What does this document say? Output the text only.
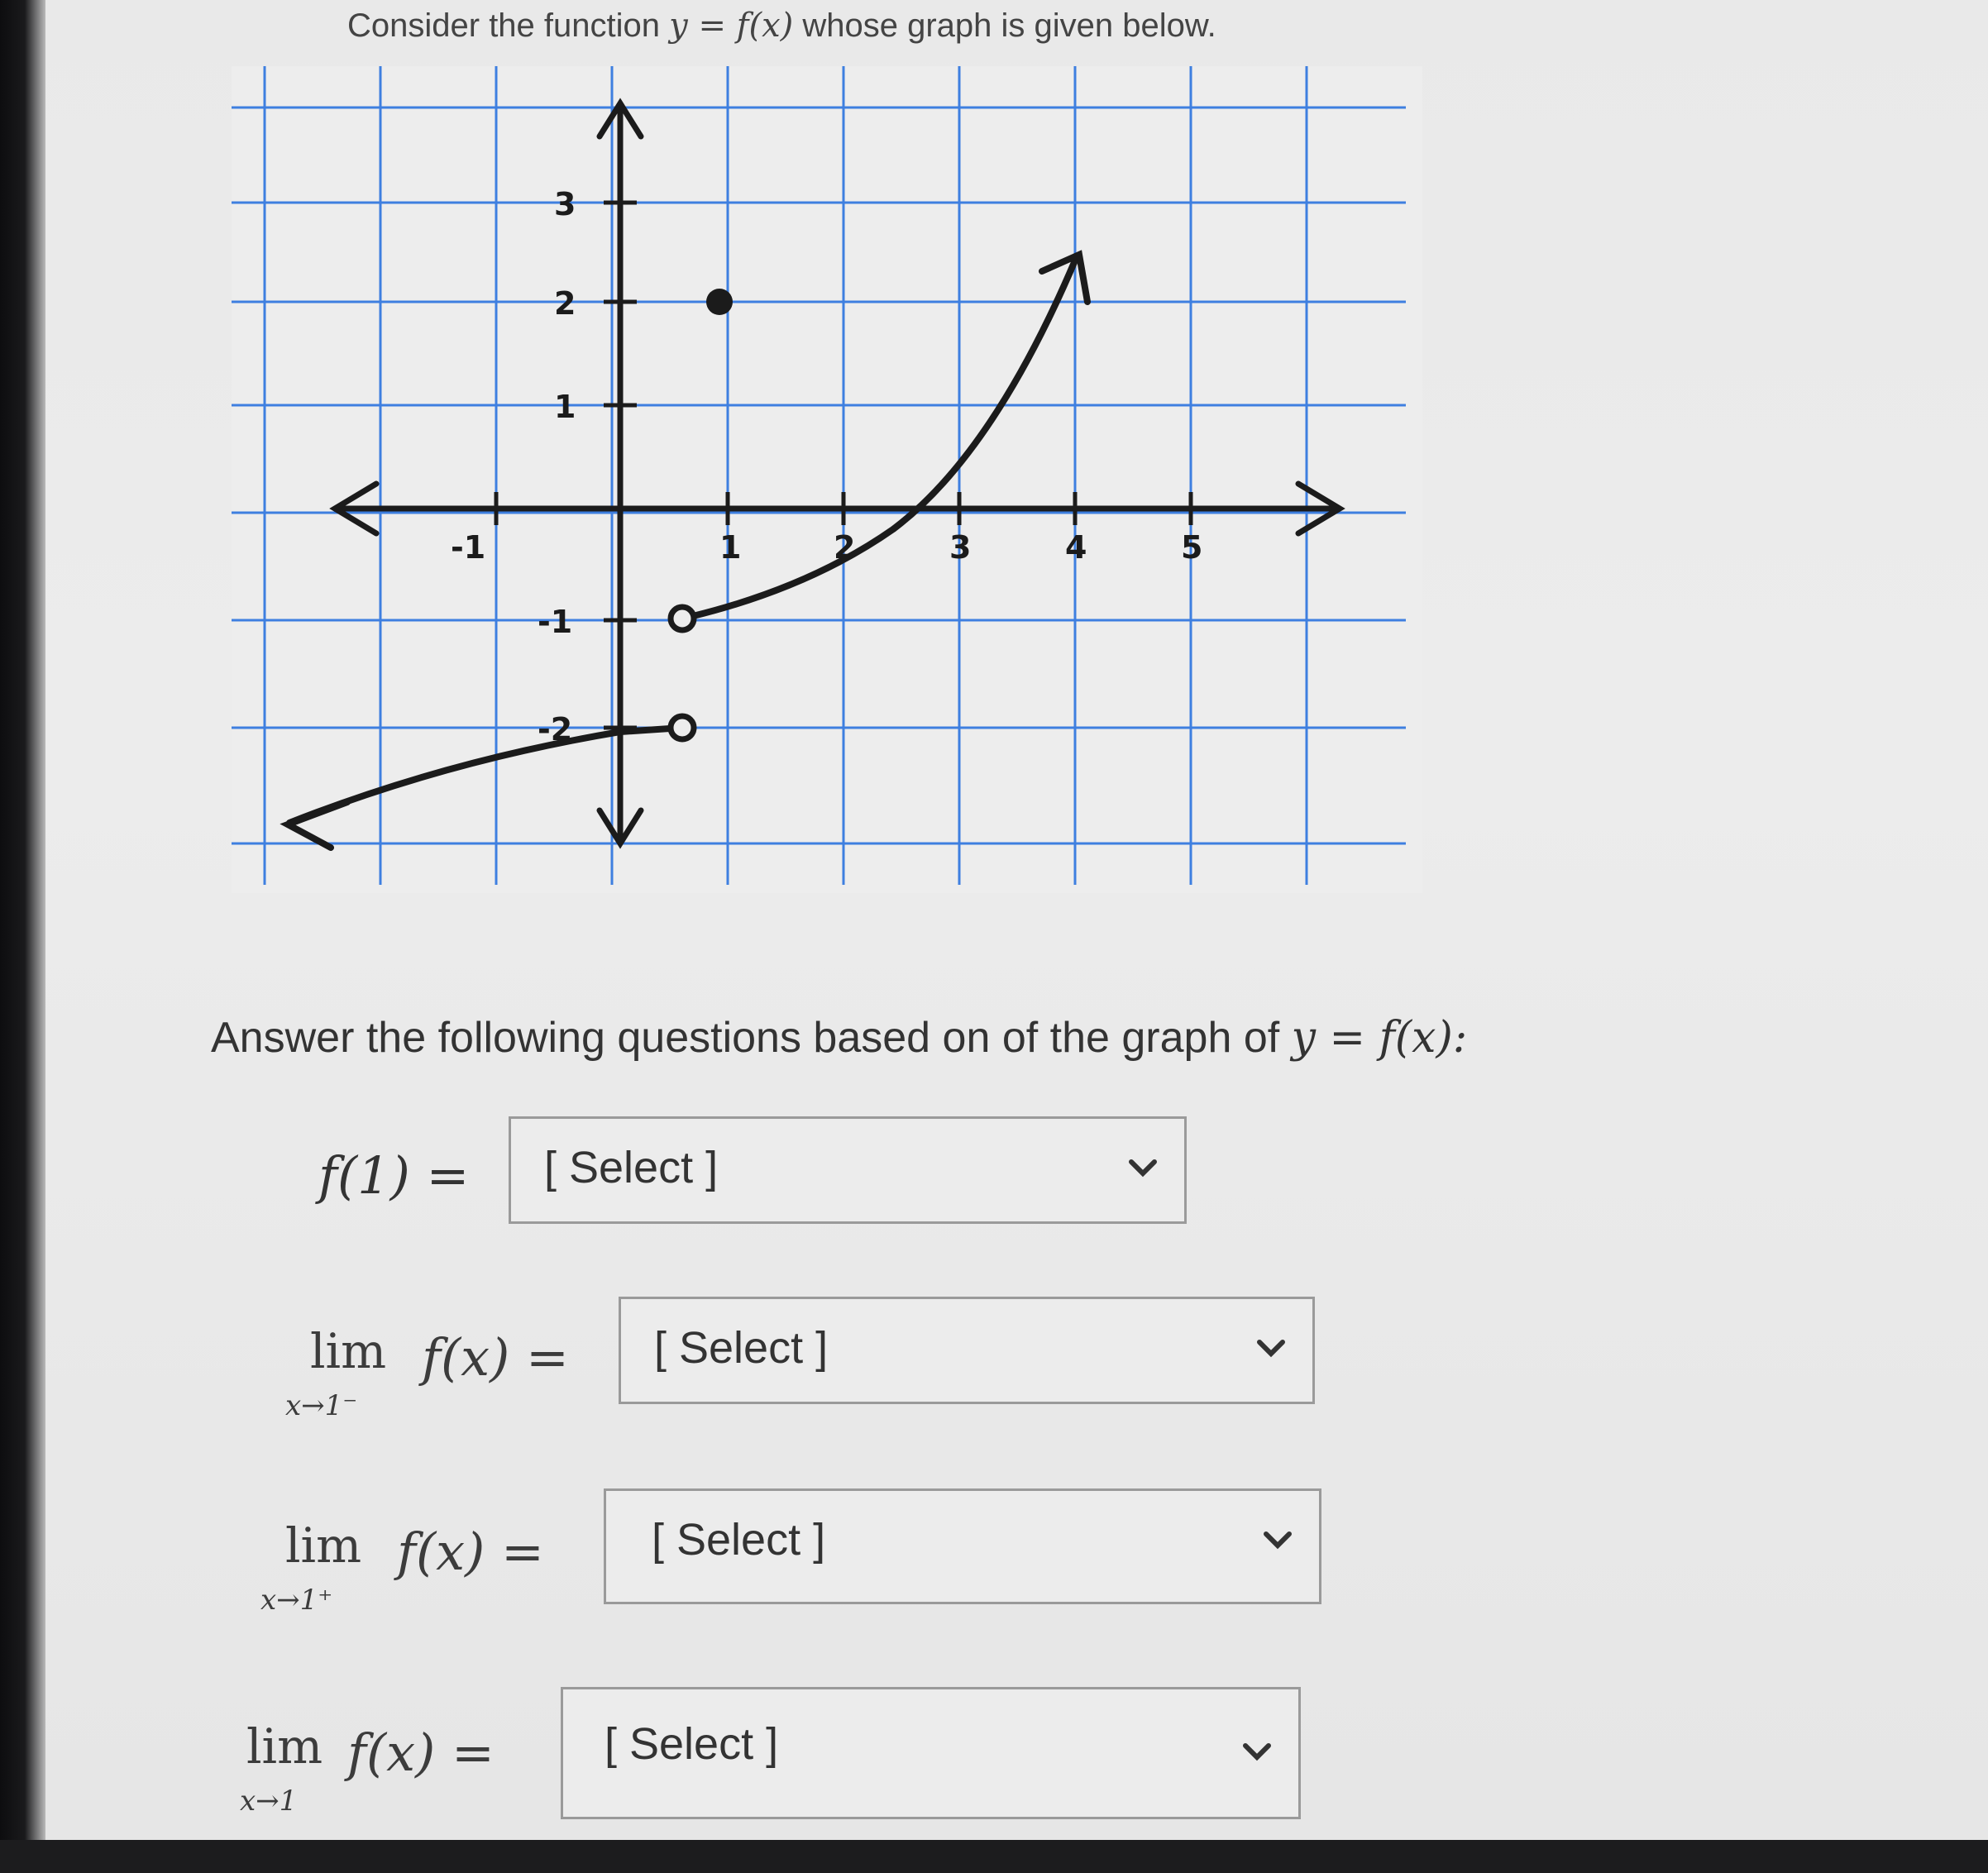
Consider the function y = f(x) whose graph is given below.
-1	1	2	3	4	5
3
2
1
-1
-2
Answer the following questions based on of the graph of y = f(x):
f(1) = [ Select ]
lim
x→1⁻
f(x) = [ Select ]
lim
x→1⁺
f(x) = [ Select ]
lim
x→1
f(x) = [ Select ]
